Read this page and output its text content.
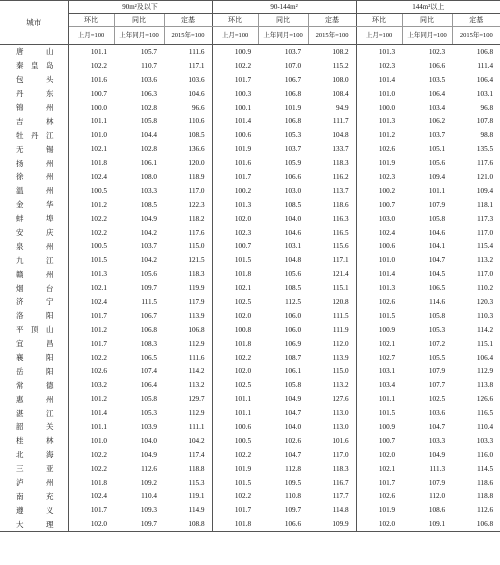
城市	90m²及以下			90-144m²			144m²以上		
	环比	同比	定基	环比	同比	定基	环比	同比	定基
	上月=100	上年同月=100	2015年=100	上月=100	上年同月=100	2015年=100	上月=100	上年同月=100	2015年=100
唐山	101.1	105.7	111.6	100.9	103.7	108.2	101.3	102.3	106.8
秦皇岛	102.2	110.7	117.1	102.2	107.0	115.2	102.3	106.6	111.4
包头	101.6	103.6	103.6	101.7	106.7	108.0	101.4	103.5	106.4
丹东	100.7	106.3	104.6	100.3	106.8	108.4	101.0	106.4	103.1
锦州	100.0	102.8	96.6	100.1	101.9	94.9	100.0	103.4	96.8
吉林	101.1	105.8	110.6	101.4	106.8	111.7	101.3	106.2	107.8
牡丹江	101.0	104.4	108.5	100.6	105.3	104.8	101.2	103.7	98.8
无锡	102.1	102.8	136.6	101.9	103.7	133.7	102.6	105.1	135.5
扬州	101.8	106.1	120.0	101.6	105.9	118.3	101.9	105.6	117.6
徐州	102.4	108.0	118.9	101.7	106.6	116.2	102.3	109.4	121.0
温州	100.5	103.3	117.0	100.2	103.0	113.7	100.2	101.1	109.4
金华	101.2	108.5	122.3	101.3	108.5	118.6	100.7	107.9	118.1
蚌埠	102.2	104.9	118.2	102.0	104.0	116.3	103.0	105.8	117.3
安庆	102.2	104.2	117.6	102.3	104.6	116.5	102.4	104.6	117.0
泉州	100.5	103.7	115.0	100.7	103.1	115.6	100.6	104.1	115.4
九江	101.5	104.2	121.5	101.5	104.8	117.1	101.0	104.7	113.2
赣州	101.3	105.6	118.3	101.8	105.6	121.4	101.4	104.5	117.0
烟台	102.1	109.7	119.9	102.1	108.5	115.1	101.3	106.5	110.2
济宁	102.4	111.5	117.9	102.5	112.5	120.8	102.6	114.6	120.3
洛阳	101.7	106.7	113.9	102.0	106.0	111.5	101.5	105.8	110.3
平顶山	101.2	106.8	106.8	100.8	106.0	111.9	100.9	105.3	114.2
宜昌	101.7	108.3	112.9	101.8	106.9	112.0	102.1	107.2	115.1
襄阳	102.2	106.5	111.6	102.2	108.7	113.9	102.7	105.5	106.4
岳阳	102.6	107.4	114.2	102.0	106.1	115.0	103.1	107.9	112.9
常德	103.2	106.4	113.2	102.5	105.8	113.2	103.4	107.7	113.8
惠州	101.2	105.8	129.7	101.1	104.9	127.6	101.1	102.5	126.6
湛江	101.4	105.3	112.9	101.1	104.7	113.0	101.5	103.6	116.5
韶关	101.1	103.9	111.1	100.6	104.0	113.0	100.9	104.7	110.4
桂林	101.0	104.0	104.2	100.5	102.6	101.6	100.7	103.3	103.3
北海	102.2	104.9	117.4	102.2	104.7	117.0	102.0	104.9	116.0
三亚	102.2	112.6	118.8	101.9	112.8	118.3	102.1	111.3	114.5
泸州	101.8	109.2	115.3	101.5	109.5	116.7	101.7	107.9	118.6
南充	102.4	110.4	119.1	102.2	110.8	117.7	102.6	112.0	118.8
遵义	101.7	109.3	114.9	101.7	109.7	114.8	101.9	108.6	112.6
大理	102.0	109.7	108.8	101.8	106.6	109.9	102.0	109.1	106.8
